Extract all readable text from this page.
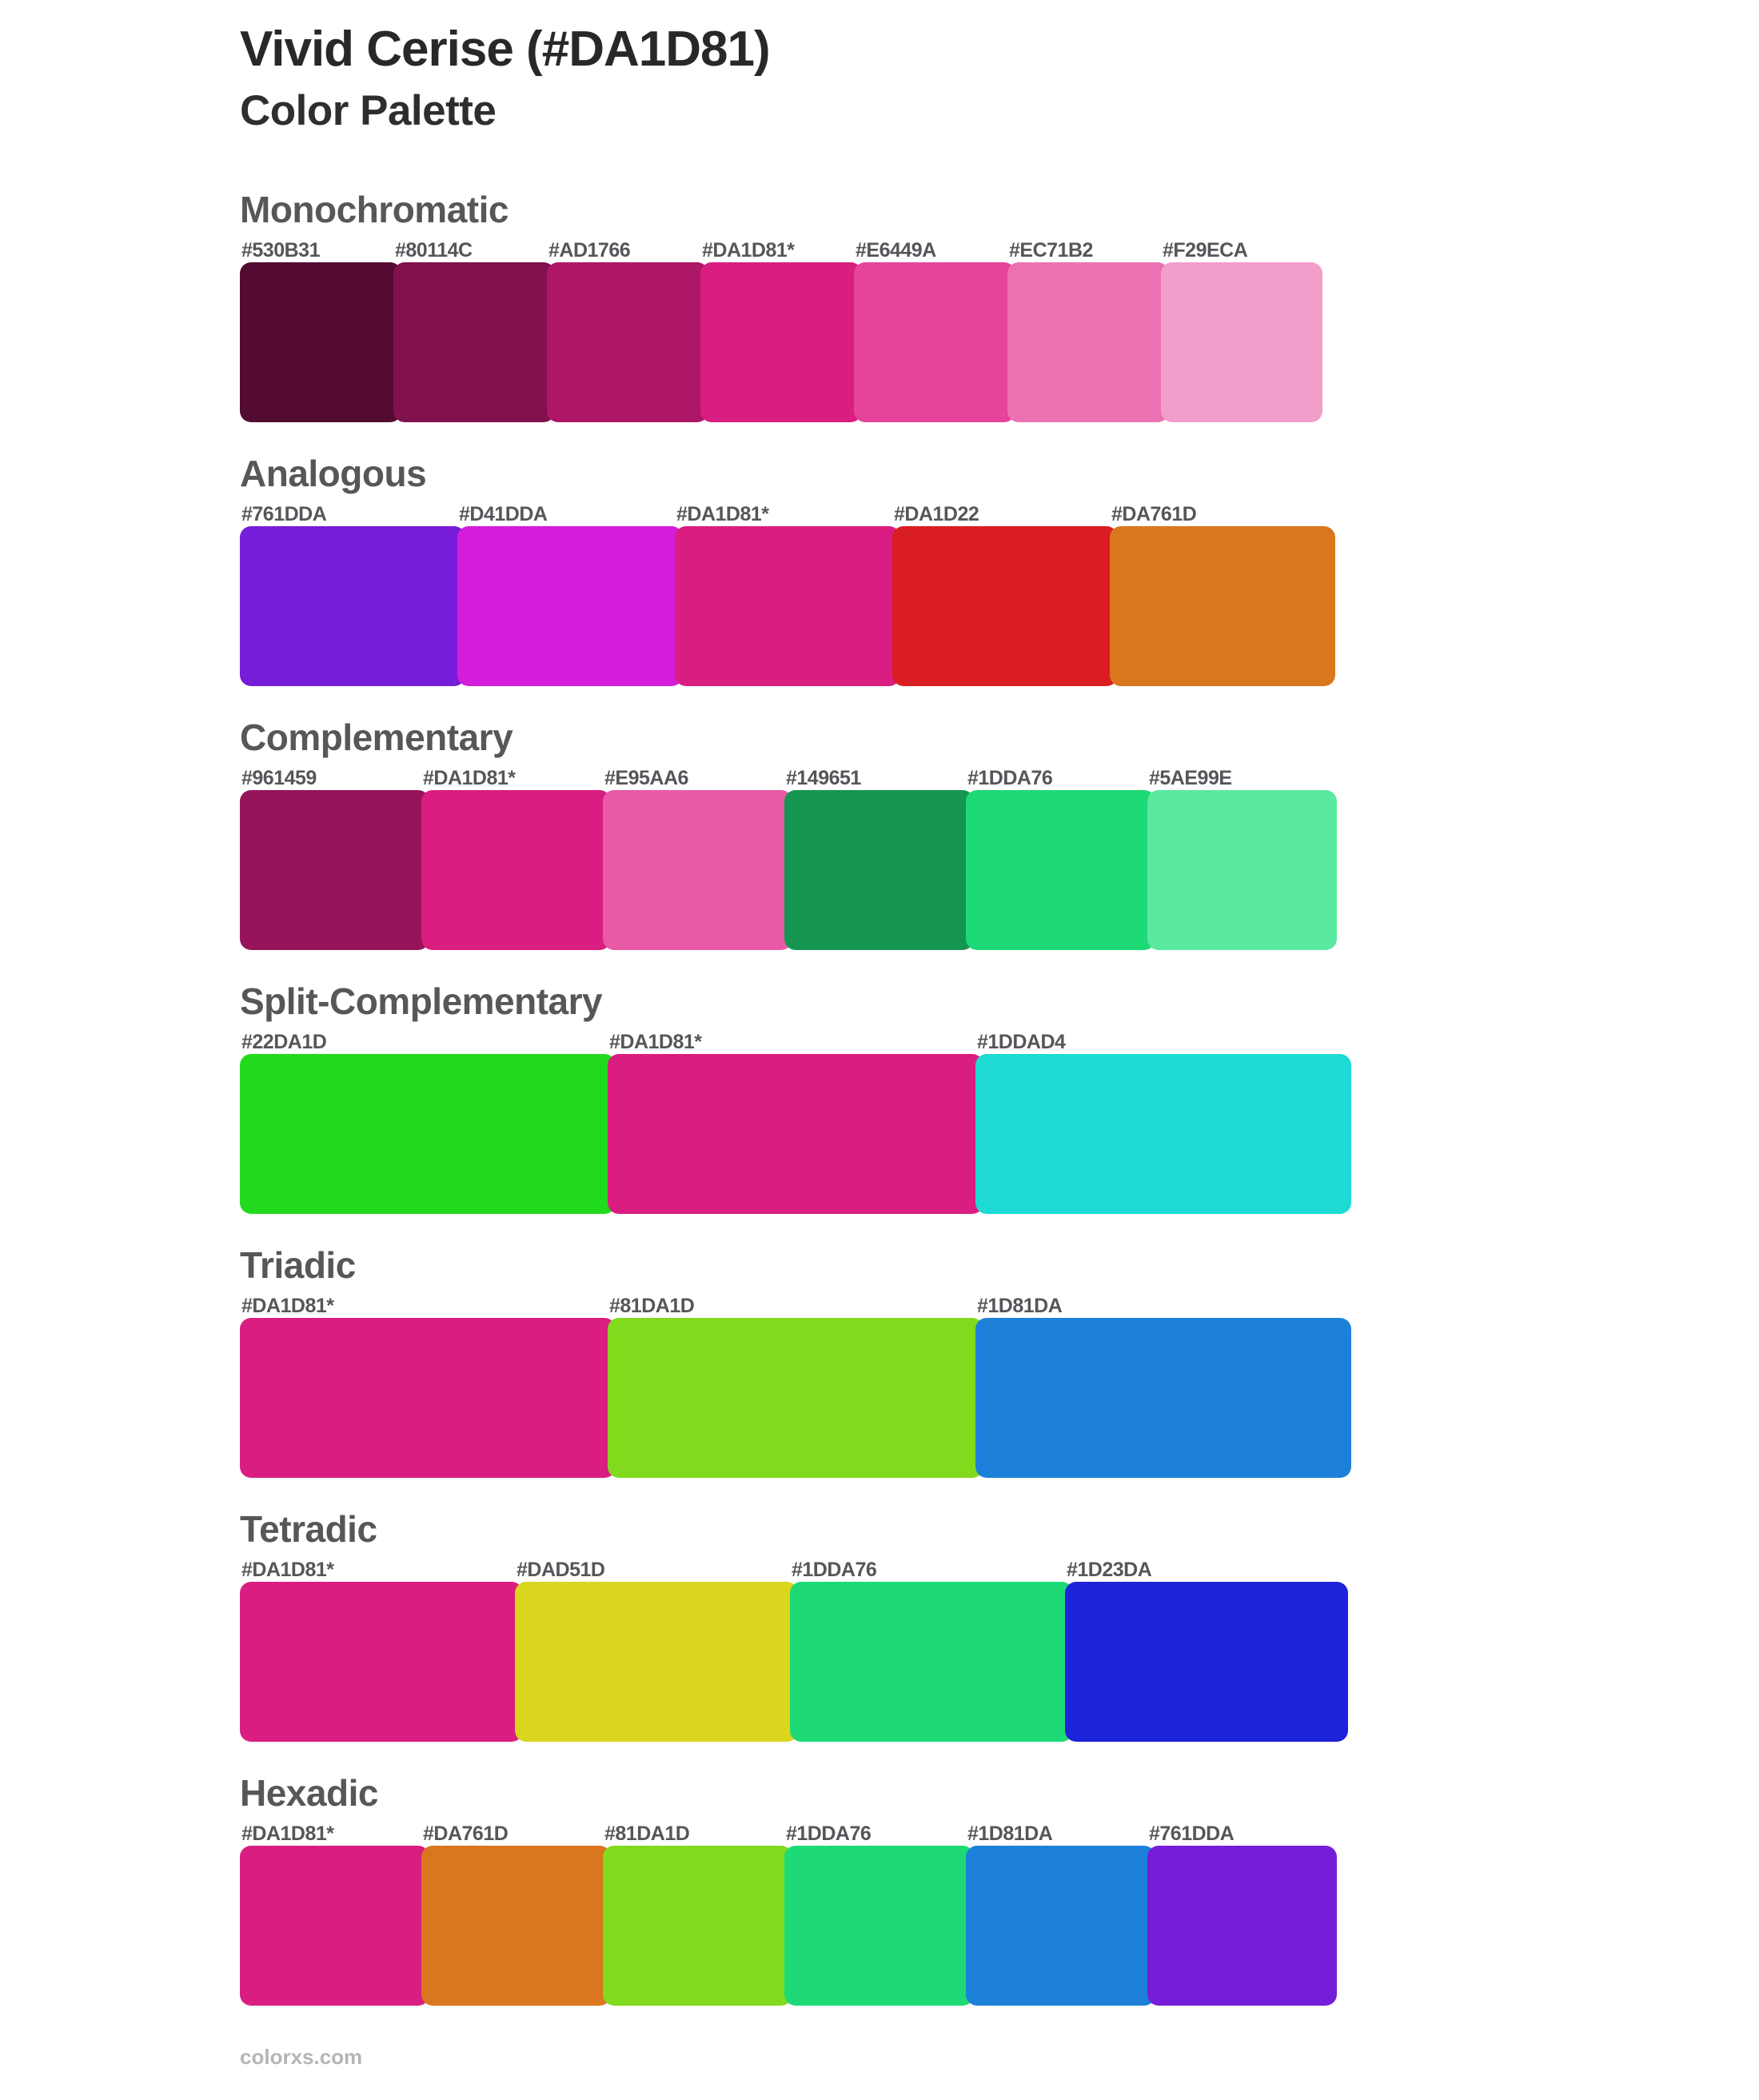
Vivid Cerise (#DA1D81)
Color Palette
Monochromatic
#530B31	#80114C	#AD1766	#DA1D81*	#E6449A	#EC71B2	#F29ECA
Analogous
#761DDA	#D41DDA	#DA1D81*	#DA1D22	#DA761D
Complementary
#961459	#DA1D81*	#E95AA6	#149651	#1DDA76	#5AE99E
Split-Complementary
#22DA1D	#DA1D81*	#1DDAD4
Triadic
#DA1D81*	#81DA1D	#1D81DA
Tetradic
#DA1D81*	#DAD51D	#1DDA76	#1D23DA
Hexadic
#DA1D81*	#DA761D	#81DA1D	#1DDA76	#1D81DA	#761DDA
colorxs.com
